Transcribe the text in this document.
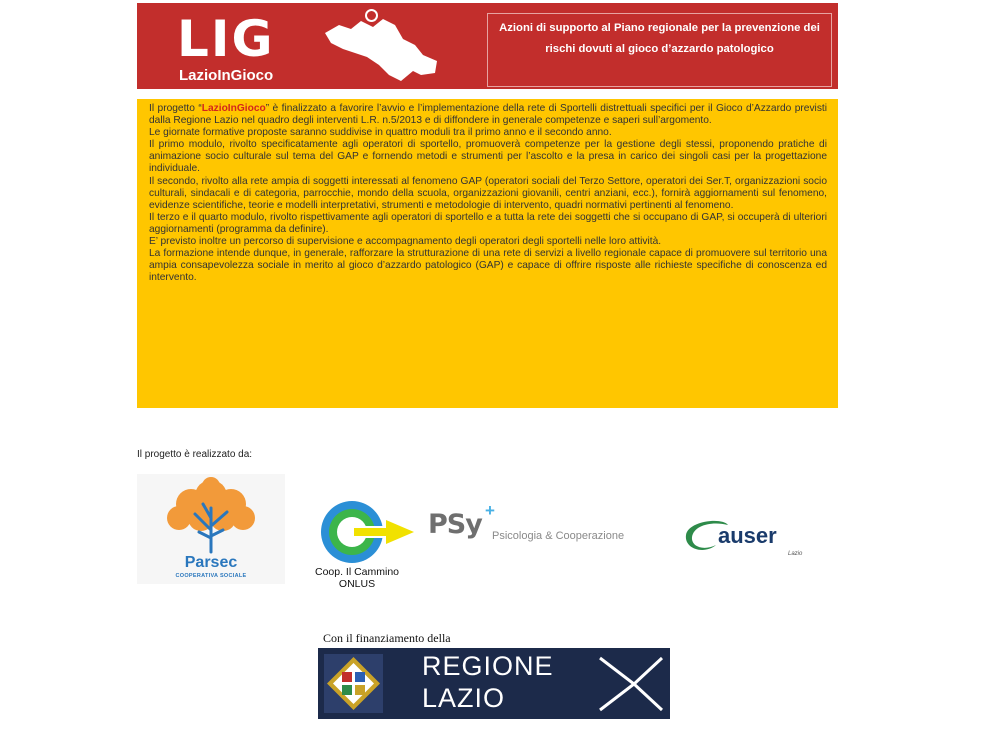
LIG
LazioInGioco
Azioni di supporto al Piano regionale per la prevenzione dei rischi dovuti al gioco d’azzardo patologico

Il progetto “LazioInGioco” è finalizzato a favorire l’avvio e l’implementazione della rete di Sportelli distrettuali specifici per il Gioco d’Azzardo previsti dalla Regione Lazio nel quadro degli interventi L.R. n.5/2013 e di diffondere in generale competenze e saperi sull’argomento.

Le giornate formative proposte saranno suddivise in quattro moduli tra il primo anno e il secondo anno.

Il primo modulo, rivolto specificatamente agli operatori di sportello, promuoverà competenze per la gestione degli stessi, proponendo pratiche di animazione socio culturale sul tema del GAP e fornendo metodi e strumenti per l’ascolto e la presa in carico dei singoli casi per la progettazione individuale.

Il secondo, rivolto alla rete ampia di soggetti interessati al fenomeno GAP (operatori sociali del Terzo Settore, operatori dei Ser.T, organizzazioni socio culturali, sindacali e di categoria, parrocchie, mondo della scuola, organizzazioni giovanili, centri anziani, ecc.), fornirà aggiornamenti sul fenomeno, evidenze scientifiche, teorie e modelli interpretativi, strumenti e metodologie di intervento, quadri normativi pertinenti al fenomeno.

Il terzo e il quarto modulo, rivolto rispettivamente agli operatori di sportello e a tutta la rete dei soggetti che si occupano di GAP, si occuperà di ulteriori aggiornamenti (programma da definire).

E’ previsto inoltre un percorso di supervisione e accompagnamento degli operatori degli sportelli nelle loro attività.

La formazione intende dunque, in generale, rafforzare la strutturazione di una rete di servizi a livello regionale capace di promuovere sul territorio una ampia consapevolezza sociale in merito al gioco d’azzardo patologico (GAP) e capace di offrire risposte alle richieste specifiche di conoscenza ed intervento.

Il progetto è realizzato da:
Parsec
COOPERATIVA SOCIALE	Coop. Il Cammino
ONLUS
PSy +
Psicologia & Cooperazione	auser
Lazio
Con il finanziamento della
REGIONE
LAZIO
